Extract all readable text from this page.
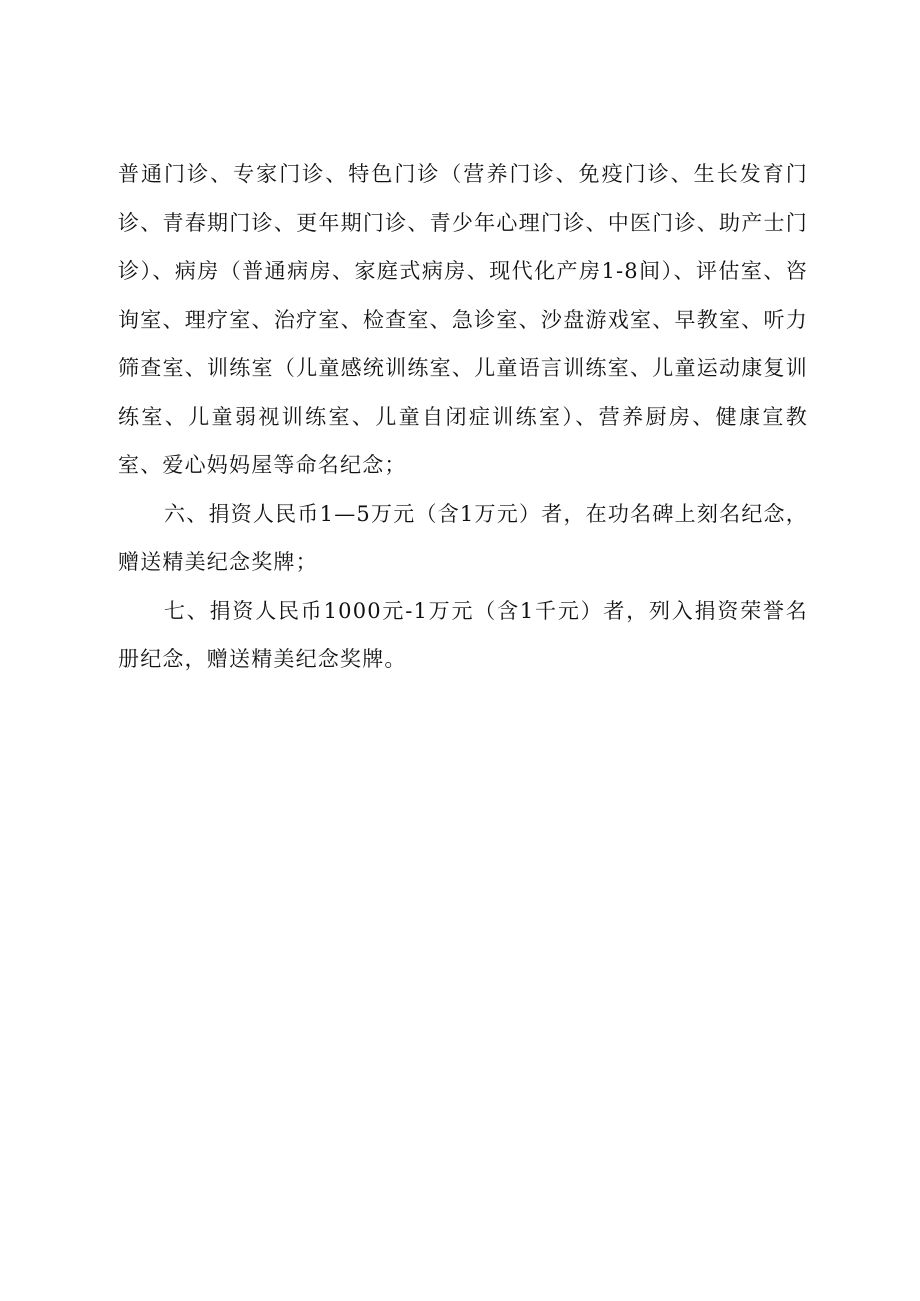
普通门诊、专家门诊、特色门诊（营养门诊、免疫门诊、生长发育门诊、青春期门诊、更年期门诊、青少年心理门诊、中医门诊、助产士门诊）、病房（普通病房、家庭式病房、现代化产房1-8间）、评估室、咨询室、理疗室、治疗室、检查室、急诊室、沙盘游戏室、早教室、听力筛查室、训练室（儿童感统训练室、儿童语言训练室、儿童运动康复训练室、儿童弱视训练室、儿童自闭症训练室）、营养厨房、健康宣教室、爱心妈妈屋等命名纪念；

六、捐资人民币1—5万元（含1万元）者，在功名碑上刻名纪念，赠送精美纪念奖牌；

七、捐资人民币1000元-1万元（含1千元）者，列入捐资荣誉名册纪念，赠送精美纪念奖牌。
